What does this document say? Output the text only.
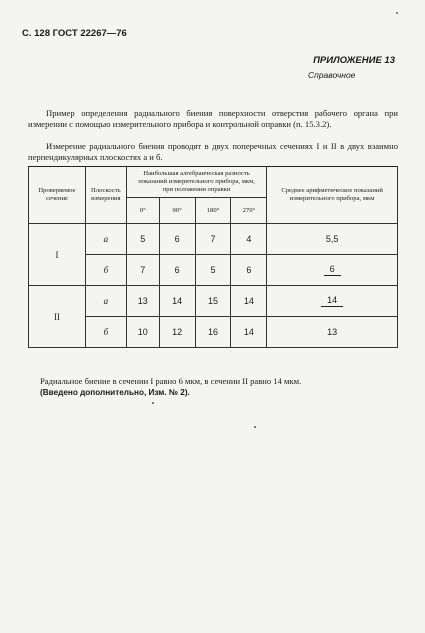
С. 128 ГОСТ 22267—76
ПРИЛОЖЕНИЕ 13
Справочное
Пример определения радиального биения поверхности отверстия рабочего органа при измерении с помощью измерительного прибора и контрольной оправки (п. 15.3.2).
Измерение радиального биения проводят в двух поперечных сечениях I и II в двух взаимно перпендикулярных плоскостях а и б.
Проверяемое сечение	Плоскость измерения	Наибольшая алгебраическая разность показаний измерительного прибора, мкм, при положении оправки				Среднее арифметическое показаний измерительного прибора, мкм
		0°	90°	180°	270°	
I	а	5	6	7	4	5,5
	б	7	6	5	6	6
II	а	13	14	15	14	14
	б	10	12	16	14	13
Радиальное биение в сечении I равно 6 мкм, в сечении II равно 14 мкм.
(Введено дополнительно, Изм. № 2).
